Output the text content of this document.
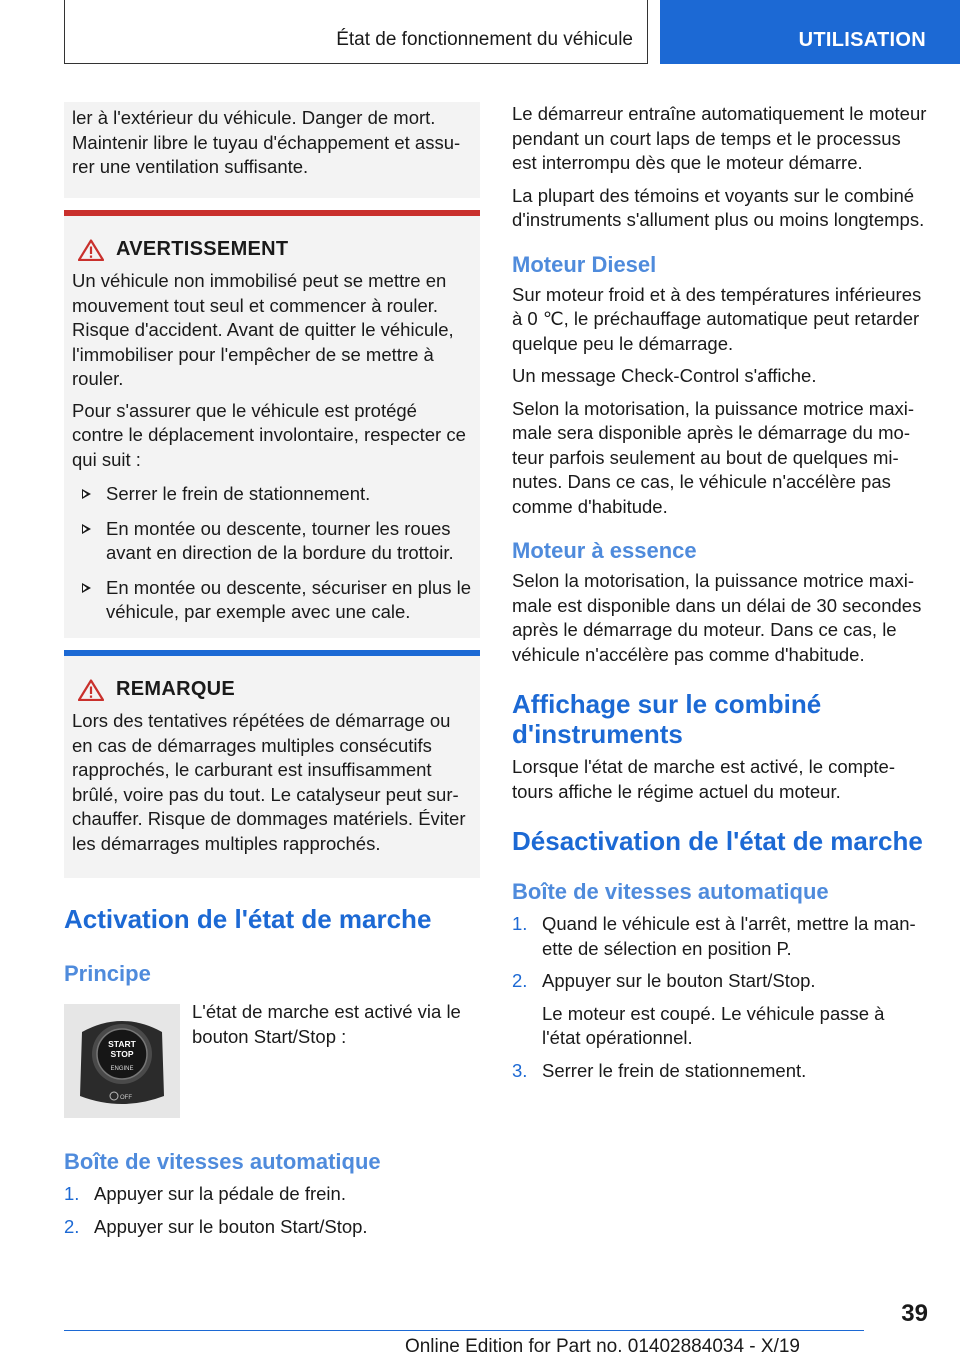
État de fonctionnement du véhicule	UTILISATION

ler à l'extérieur du véhicule. Danger de mort. Maintenir libre le tuyau d'échappement et assurer une ventilation suffisante.

AVERTISSEMENT

Un véhicule non immobilisé peut se mettre en mouvement tout seul et commencer à rouler. Risque d'accident. Avant de quitter le véhicule, l'immobiliser pour l'empêcher de se mettre à rouler.

Pour s'assurer que le véhicule est protégé contre le déplacement involontaire, respecter ce qui suit :

Serrer le frein de stationnement.
En montée ou descente, tourner les roues avant en direction de la bordure du trottoir.
En montée ou descente, sécuriser en plus le véhicule, par exemple avec une cale.
REMARQUE

Lors des tentatives répétées de démarrage ou en cas de démarrages multiples consécutifs rapprochés, le carburant est insuffisamment brûlé, voire pas du tout. Le catalyseur peut surchauffer. Risque de dommages matériels. Éviter les démarrages multiples rapprochés.

Activation de l'état de marche
Principe
START
STOP
ENGINE
OFF

L'état de marche est activé via le bouton Start/Stop :

Boîte de vitesses automatique
1. Appuyer sur la pédale de frein.
2. Appuyer sur le bouton Start/Stop.

Le démarreur entraîne automatiquement le moteur pendant un court laps de temps et le processus est interrompu dès que le moteur démarre.

La plupart des témoins et voyants sur le combiné d'instruments s'allument plus ou moins longtemps.

Moteur Diesel

Sur moteur froid et à des températures inférieures à 0 ℃, le préchauffage automatique peut retarder quelque peu le démarrage.

Un message Check-Control s'affiche.

Selon la motorisation, la puissance motrice maximale sera disponible après le démarrage du moteur parfois seulement au bout de quelques minutes. Dans ce cas, le véhicule n'accélère pas comme d'habitude.

Moteur à essence

Selon la motorisation, la puissance motrice maximale est disponible dans un délai de 30 secondes après le démarrage du moteur. Dans ce cas, le véhicule n'accélère pas comme d'habitude.

Affichage sur le combiné d'instruments

Lorsque l'état de marche est activé, le comptetours affiche le régime actuel du moteur.

Désactivation de l'état de marche
Boîte de vitesses automatique
1. Quand le véhicule est à l'arrêt, mettre la manette de sélection en position P.
2. Appuyer sur le bouton Start/Stop.
Le moteur est coupé. Le véhicule passe à l'état opérationnel.
3. Serrer le frein de stationnement.
39
Online Edition for Part no. 01402884034 - X/19
